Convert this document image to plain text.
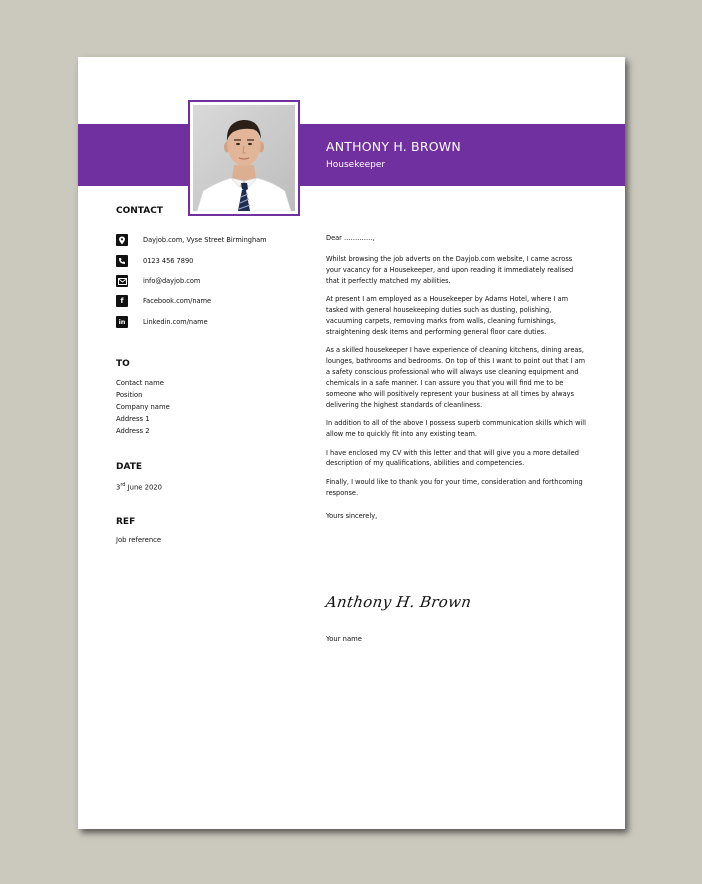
ANTHONY H. BROWN
Housekeeper
CONTACT
Dayjob.com, Vyse Street Birmingham
0123 456 7890
info@dayjob.com
f	Facebook.com/name
in	Linkedin.com/name
TO
Contact name
Position
Company name
Address 1
Address 2
DATE
3rd June 2020
REF
Job reference

Dear ………….,

Whilst browsing the job adverts on the Dayjob.com website, I came across your vacancy for a Housekeeper, and upon reading it immediately realised that it perfectly matched my abilities.

At present I am employed as a Housekeeper by Adams Hotel, where I am tasked with general housekeeping duties such as dusting, polishing, vacuuming carpets, removing marks from walls, cleaning furnishings, straightening desk items and performing general floor care duties.

As a skilled housekeeper I have experience of cleaning kitchens, dining areas, lounges, bathrooms and bedrooms. On top of this I want to point out that I am a safety conscious professional who will always use cleaning equipment and chemicals in a safe manner. I can assure you that you will find me to be someone who will positively represent your business at all times by always delivering the highest standards of cleanliness.

In addition to all of the above I possess superb communication skills which will allow me to quickly fit into any existing team.

I have enclosed my CV with this letter and that will give you a more detailed description of my qualifications, abilities and competencies.

Finally, I would like to thank you for your time, consideration and forthcoming response.

Yours sincerely,

Anthony H. Brown
Your name
